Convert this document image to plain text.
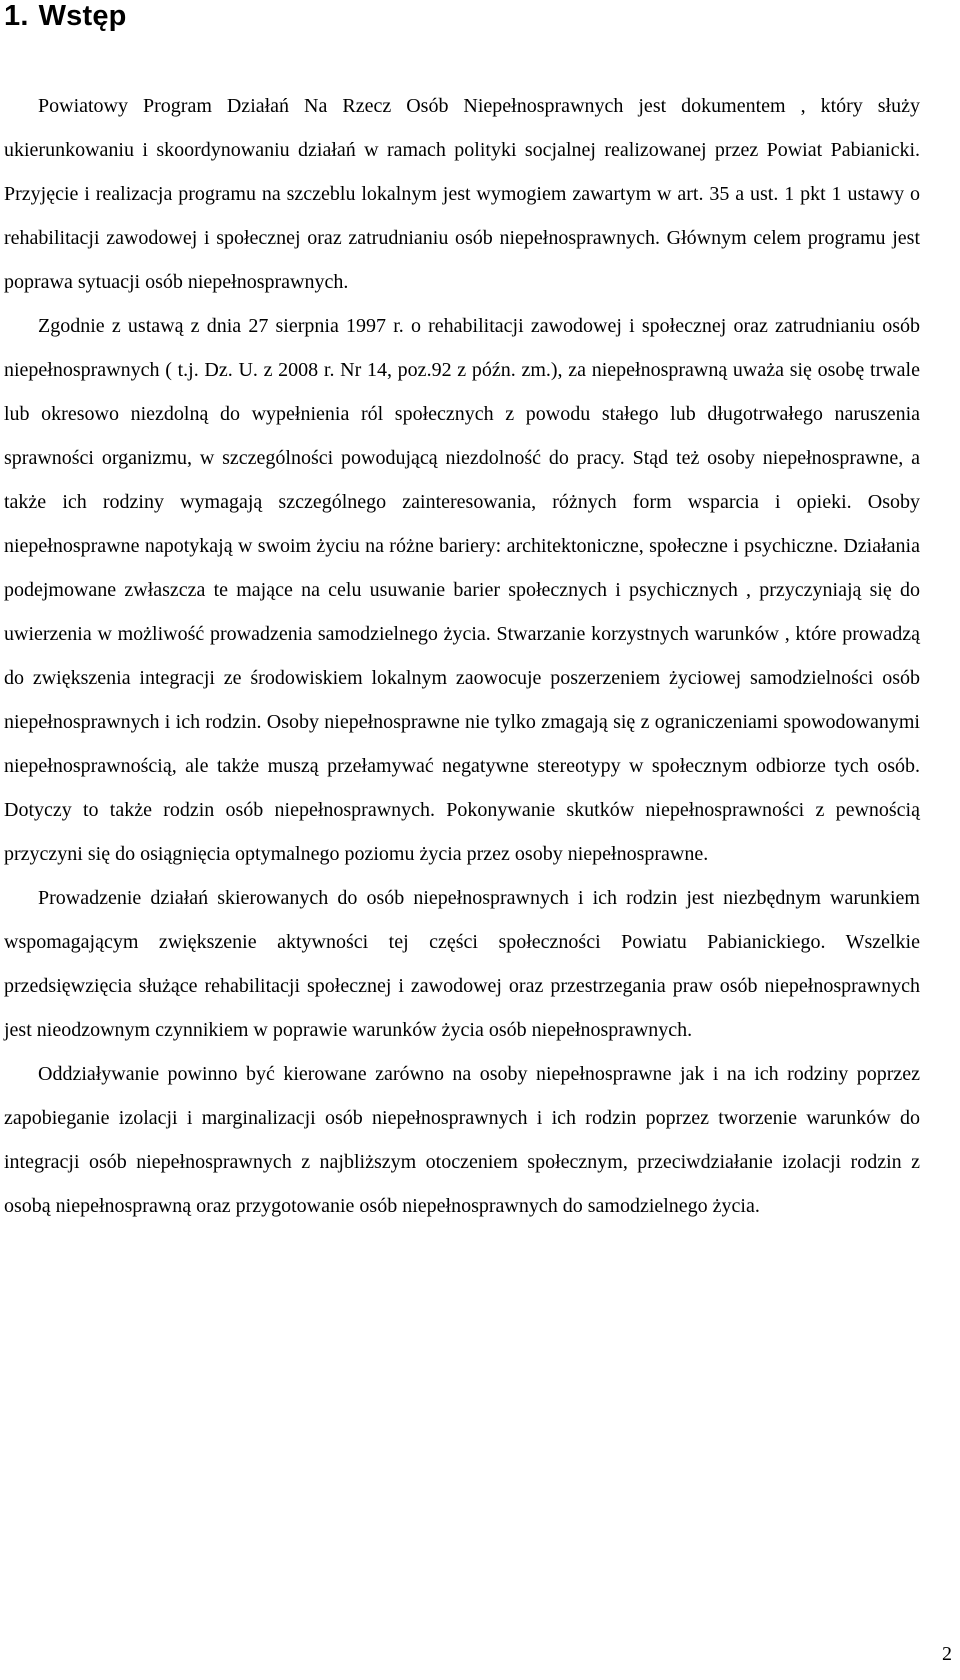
1. Wstęp

Powiatowy Program Działań Na Rzecz Osób Niepełnosprawnych jest dokumentem , który służy ukierunkowaniu i skoordynowaniu działań w ramach polityki socjalnej realizowanej przez Powiat Pabianicki. Przyjęcie i realizacja programu na szczeblu lokalnym jest wymogiem zawartym w art. 35 a ust. 1 pkt 1 ustawy o rehabilitacji zawodowej i społecznej oraz zatrudnianiu osób niepełnosprawnych. Głównym celem programu jest poprawa sytuacji osób niepełnosprawnych.

Zgodnie z ustawą z dnia 27 sierpnia 1997 r. o rehabilitacji zawodowej i społecznej oraz zatrudnianiu osób niepełnosprawnych ( t.j. Dz. U. z 2008 r. Nr 14, poz.92 z późn. zm.), za niepełnosprawną uważa się osobę trwale lub okresowo niezdolną do wypełnienia ról społecznych z powodu stałego lub długotrwałego naruszenia sprawności organizmu, w szczególności powodującą niezdolność do pracy. Stąd też osoby niepełnosprawne, a także ich rodziny wymagają szczególnego zainteresowania, różnych form wsparcia i opieki. Osoby niepełnosprawne napotykają w swoim życiu na różne bariery: architektoniczne, społeczne i psychiczne. Działania podejmowane zwłaszcza te mające na celu usuwanie barier społecznych i psychicznych , przyczyniają się do uwierzenia w możliwość prowadzenia samodzielnego życia. Stwarzanie korzystnych warunków , które prowadzą do zwiększenia integracji ze środowiskiem lokalnym zaowocuje poszerzeniem życiowej samodzielności osób niepełnosprawnych i ich rodzin. Osoby niepełnosprawne nie tylko zmagają się z ograniczeniami spowodowanymi niepełnosprawnością, ale także muszą przełamywać negatywne stereotypy w społecznym odbiorze tych osób. Dotyczy to także rodzin osób niepełnosprawnych. Pokonywanie skutków niepełnosprawności z pewnością przyczyni się do osiągnięcia optymalnego poziomu życia przez osoby niepełnosprawne.

Prowadzenie działań skierowanych do osób niepełnosprawnych i ich rodzin jest niezbędnym warunkiem wspomagającym zwiększenie aktywności tej części społeczności Powiatu Pabianickiego. Wszelkie przedsięwzięcia służące rehabilitacji społecznej i zawodowej oraz przestrzegania praw osób niepełnosprawnych jest nieodzownym czynnikiem w poprawie warunków życia osób niepełnosprawnych.

Oddziaływanie powinno być kierowane zarówno na osoby niepełnosprawne jak i na ich rodziny poprzez zapobieganie izolacji i marginalizacji osób niepełnosprawnych i ich rodzin poprzez tworzenie warunków do integracji osób niepełnosprawnych z najbliższym otoczeniem społecznym, przeciwdziałanie izolacji rodzin z osobą niepełnosprawną oraz przygotowanie osób niepełnosprawnych do samodzielnego życia.

2
